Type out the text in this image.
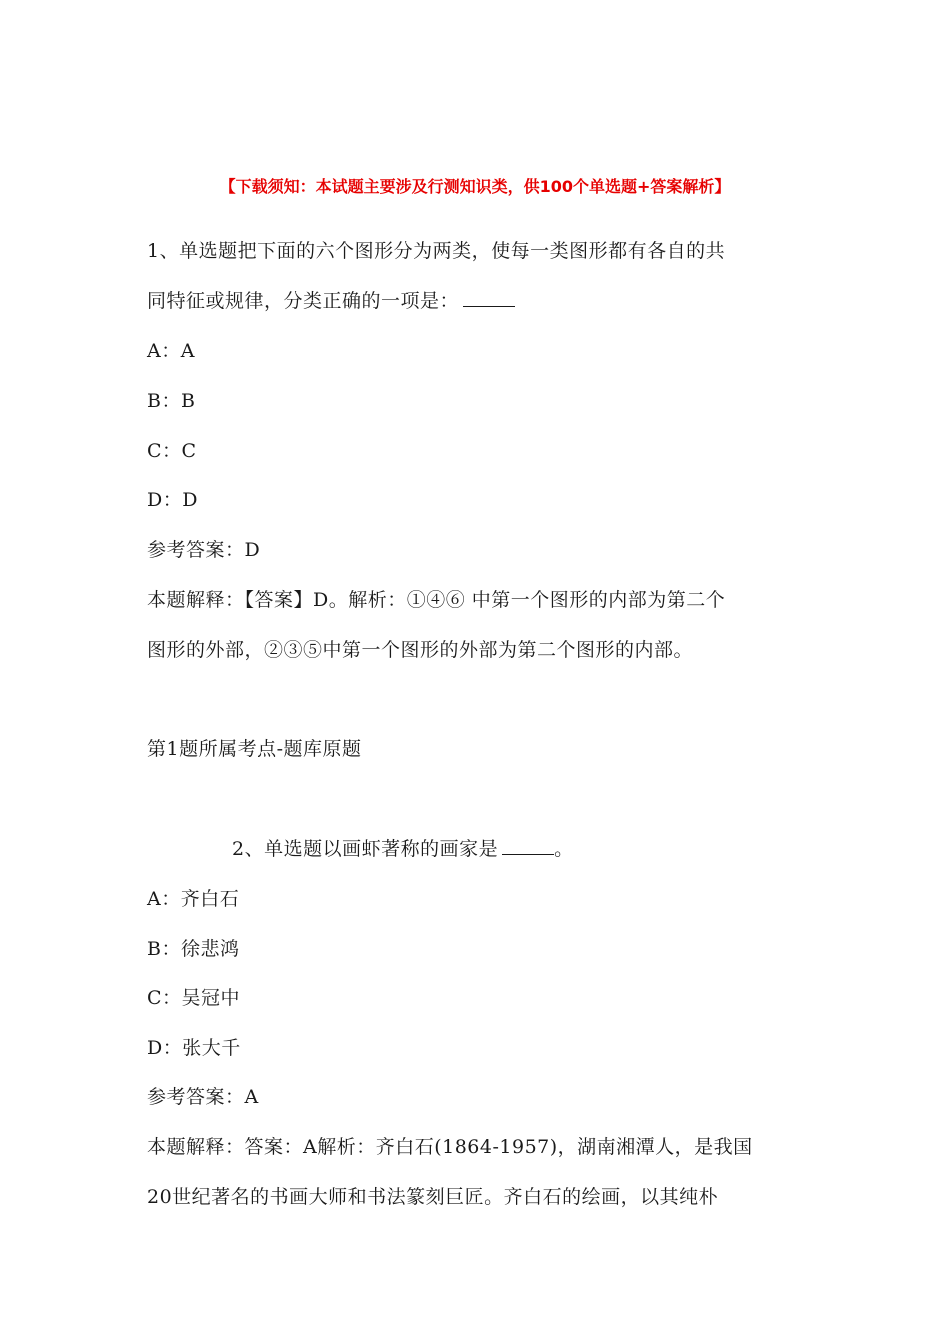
【下载须知：本试题主要涉及行测知识类，供100个单选题+答案解析】
1、单选题把下面的六个图形分为两类，使每一类图形都有各自的共
同特征或规律，分类正确的一项是：
A：A
B：B
C：C
D：D
参考答案：D
本题解释：【答案】D。解析：①④⑥ 中第一个图形的内部为第二个
图形的外部，②③⑤中第一个图形的外部为第二个图形的内部。
第1题所属考点-题库原题
2、单选题以画虾著称的画家是	。
A：齐白石
B：徐悲鸿
C：吴冠中
D：张大千
参考答案：A
本题解释：答案：A解析：齐白石(1864-1957)，湖南湘潭人，是我国
20世纪著名的书画大师和书法篆刻巨匠。齐白石的绘画，以其纯朴
